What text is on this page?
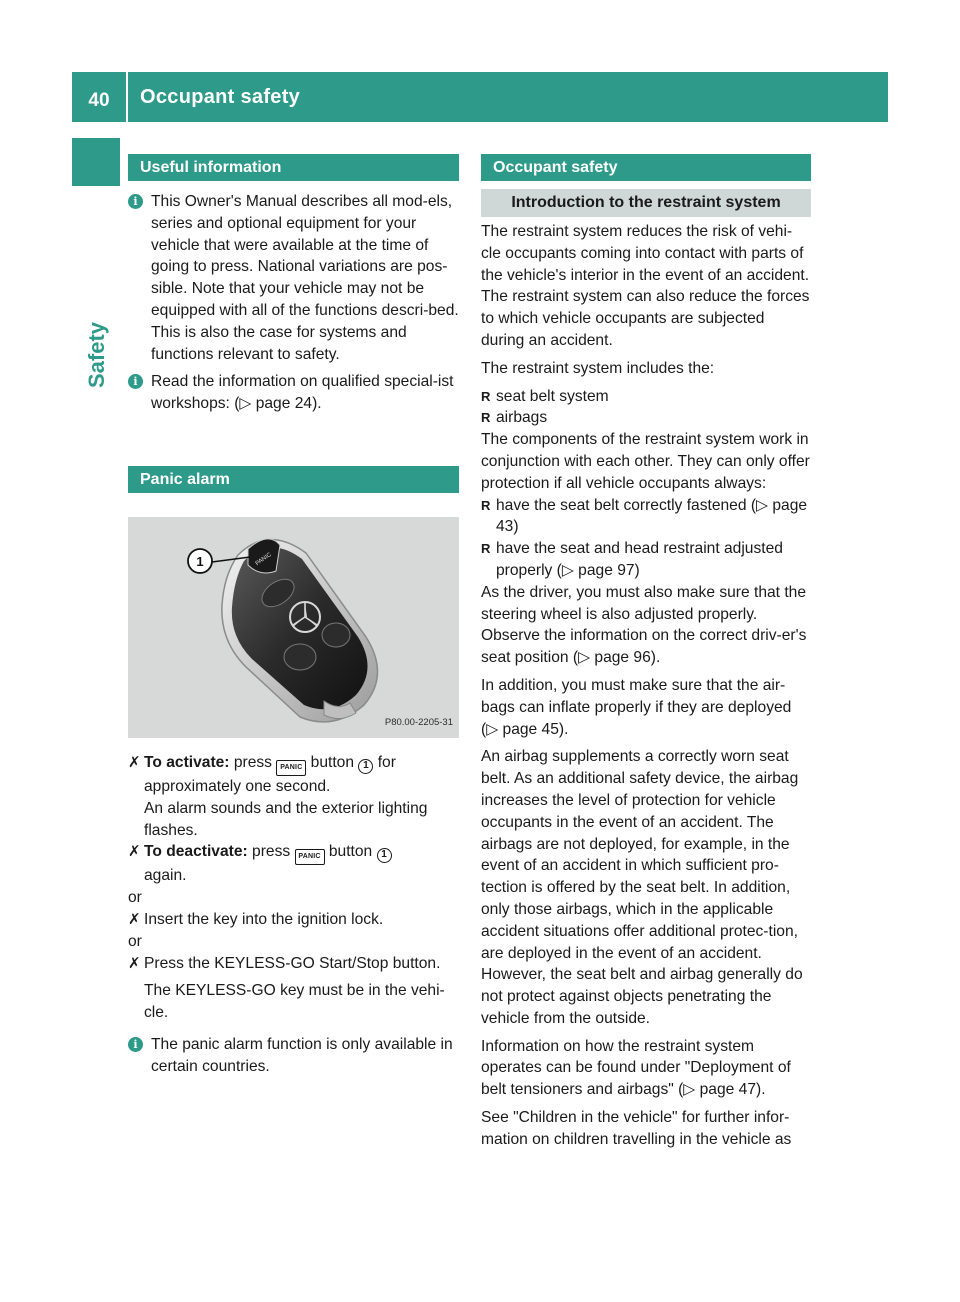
40	Occupant safety
Safety
Useful information
i This Owner's Manual describes all mod-els, series and optional equipment for your vehicle that were available at the time of going to press. National variations are pos-sible. Note that your vehicle may not be equipped with all of the functions descri-bed. This is also the case for systems and functions relevant to safety.

i Read the information on qualified special-ist workshops: (▷ page 24).

Panic alarm
PANIC
1
P80.00-2205-31
✗ To activate: press PANIC button 1 for approximately one second.
An alarm sounds and the exterior lighting flashes.

✗ To deactivate: press PANIC button 1
again.

or

✗ Insert the key into the ignition lock.

or

✗ Press the KEYLESS-GO Start/Stop button.

The KEYLESS-GO key must be in the vehi-cle.

i The panic alarm function is only available in certain countries.

Occupant safety
Introduction to the restraint system

The restraint system reduces the risk of vehi-cle occupants coming into contact with parts of the vehicle's interior in the event of an accident. The restraint system can also reduce the forces to which vehicle occupants are subjected during an accident.

The restraint system includes the:

R seat belt system
R airbags

The components of the restraint system work in conjunction with each other. They can only offer protection if all vehicle occupants always:

R have the seat belt correctly fastened (▷ page 43)
R have the seat and head restraint adjusted properly (▷ page 97)

As the driver, you must also make sure that the steering wheel is also adjusted properly. Observe the information on the correct driv-er's seat position (▷ page 96).

In addition, you must make sure that the air-bags can inflate properly if they are deployed (▷ page 45).

An airbag supplements a correctly worn seat belt. As an additional safety device, the airbag increases the level of protection for vehicle occupants in the event of an accident. The airbags are not deployed, for example, in the event of an accident in which sufficient pro-tection is offered by the seat belt. In addition, only those airbags, which in the applicable accident situations offer additional protec-tion, are deployed in the event of an accident. However, the seat belt and airbag generally do not protect against objects penetrating the vehicle from the outside.

Information on how the restraint system operates can be found under "Deployment of belt tensioners and airbags" (▷ page 47).

See "Children in the vehicle" for further infor-mation on children travelling in the vehicle as
